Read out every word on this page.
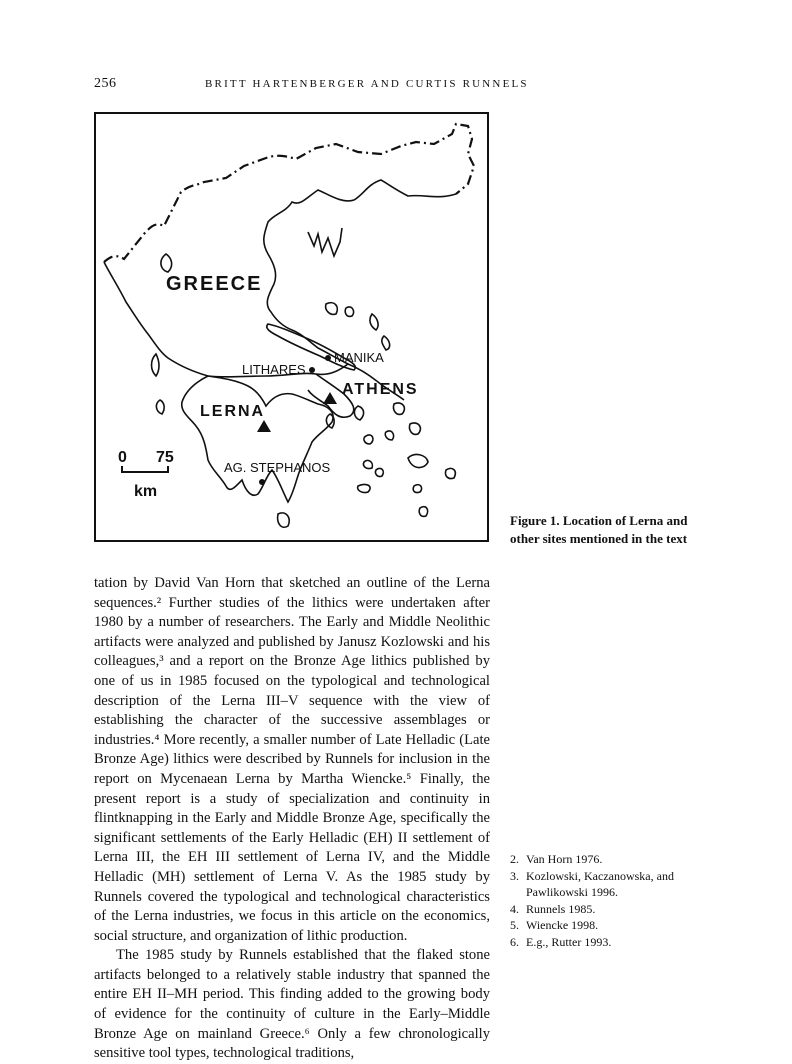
256	BRITT HARTENBERGER AND CURTIS RUNNELS
GREECE
MANIKA
LITHARES
ATHENS
LERNA
AG. STEPHANOS
0 75
km
Figure 1. Location of Lerna and other sites mentioned in the text

tation by David Van Horn that sketched an outline of the Lerna sequences.² Further studies of the lithics were undertaken after 1980 by a number of researchers. The Early and Middle Neolithic artifacts were analyzed and published by Janusz Kozlowski and his colleagues,³ and a report on the Bronze Age lithics published by one of us in 1985 focused on the typological and technological description of the Lerna III–V sequence with the view of establishing the character of the successive assemblages or industries.⁴ More recently, a smaller number of Late Helladic (Late Bronze Age) lithics were described by Runnels for inclusion in the report on Mycenaean Lerna by Martha Wiencke.⁵ Finally, the present report is a study of specialization and continuity in flintknapping in the Early and Middle Bronze Age, specifically the significant settlements of the Early Helladic (EH) II settlement of Lerna III, the EH III settlement of Lerna IV, and the Middle Helladic (MH) settlement of Lerna V. As the 1985 study by Runnels covered the typological and technological characteristics of the Lerna industries, we focus in this article on the economics, social structure, and organization of lithic production.

The 1985 study by Runnels established that the flaked stone artifacts belonged to a relatively stable industry that spanned the entire EH II–MH period. This finding added to the growing body of evidence for the continuity of culture in the Early–Middle Bronze Age on mainland Greece.⁶ Only a few chronologically sensitive tool types, technological traditions,

2. Van Horn 1976.

3. Kozlowski, Kaczanowska, and Pawlikowski 1996.

4. Runnels 1985.

5. Wiencke 1998.

6. E.g., Rutter 1993.
